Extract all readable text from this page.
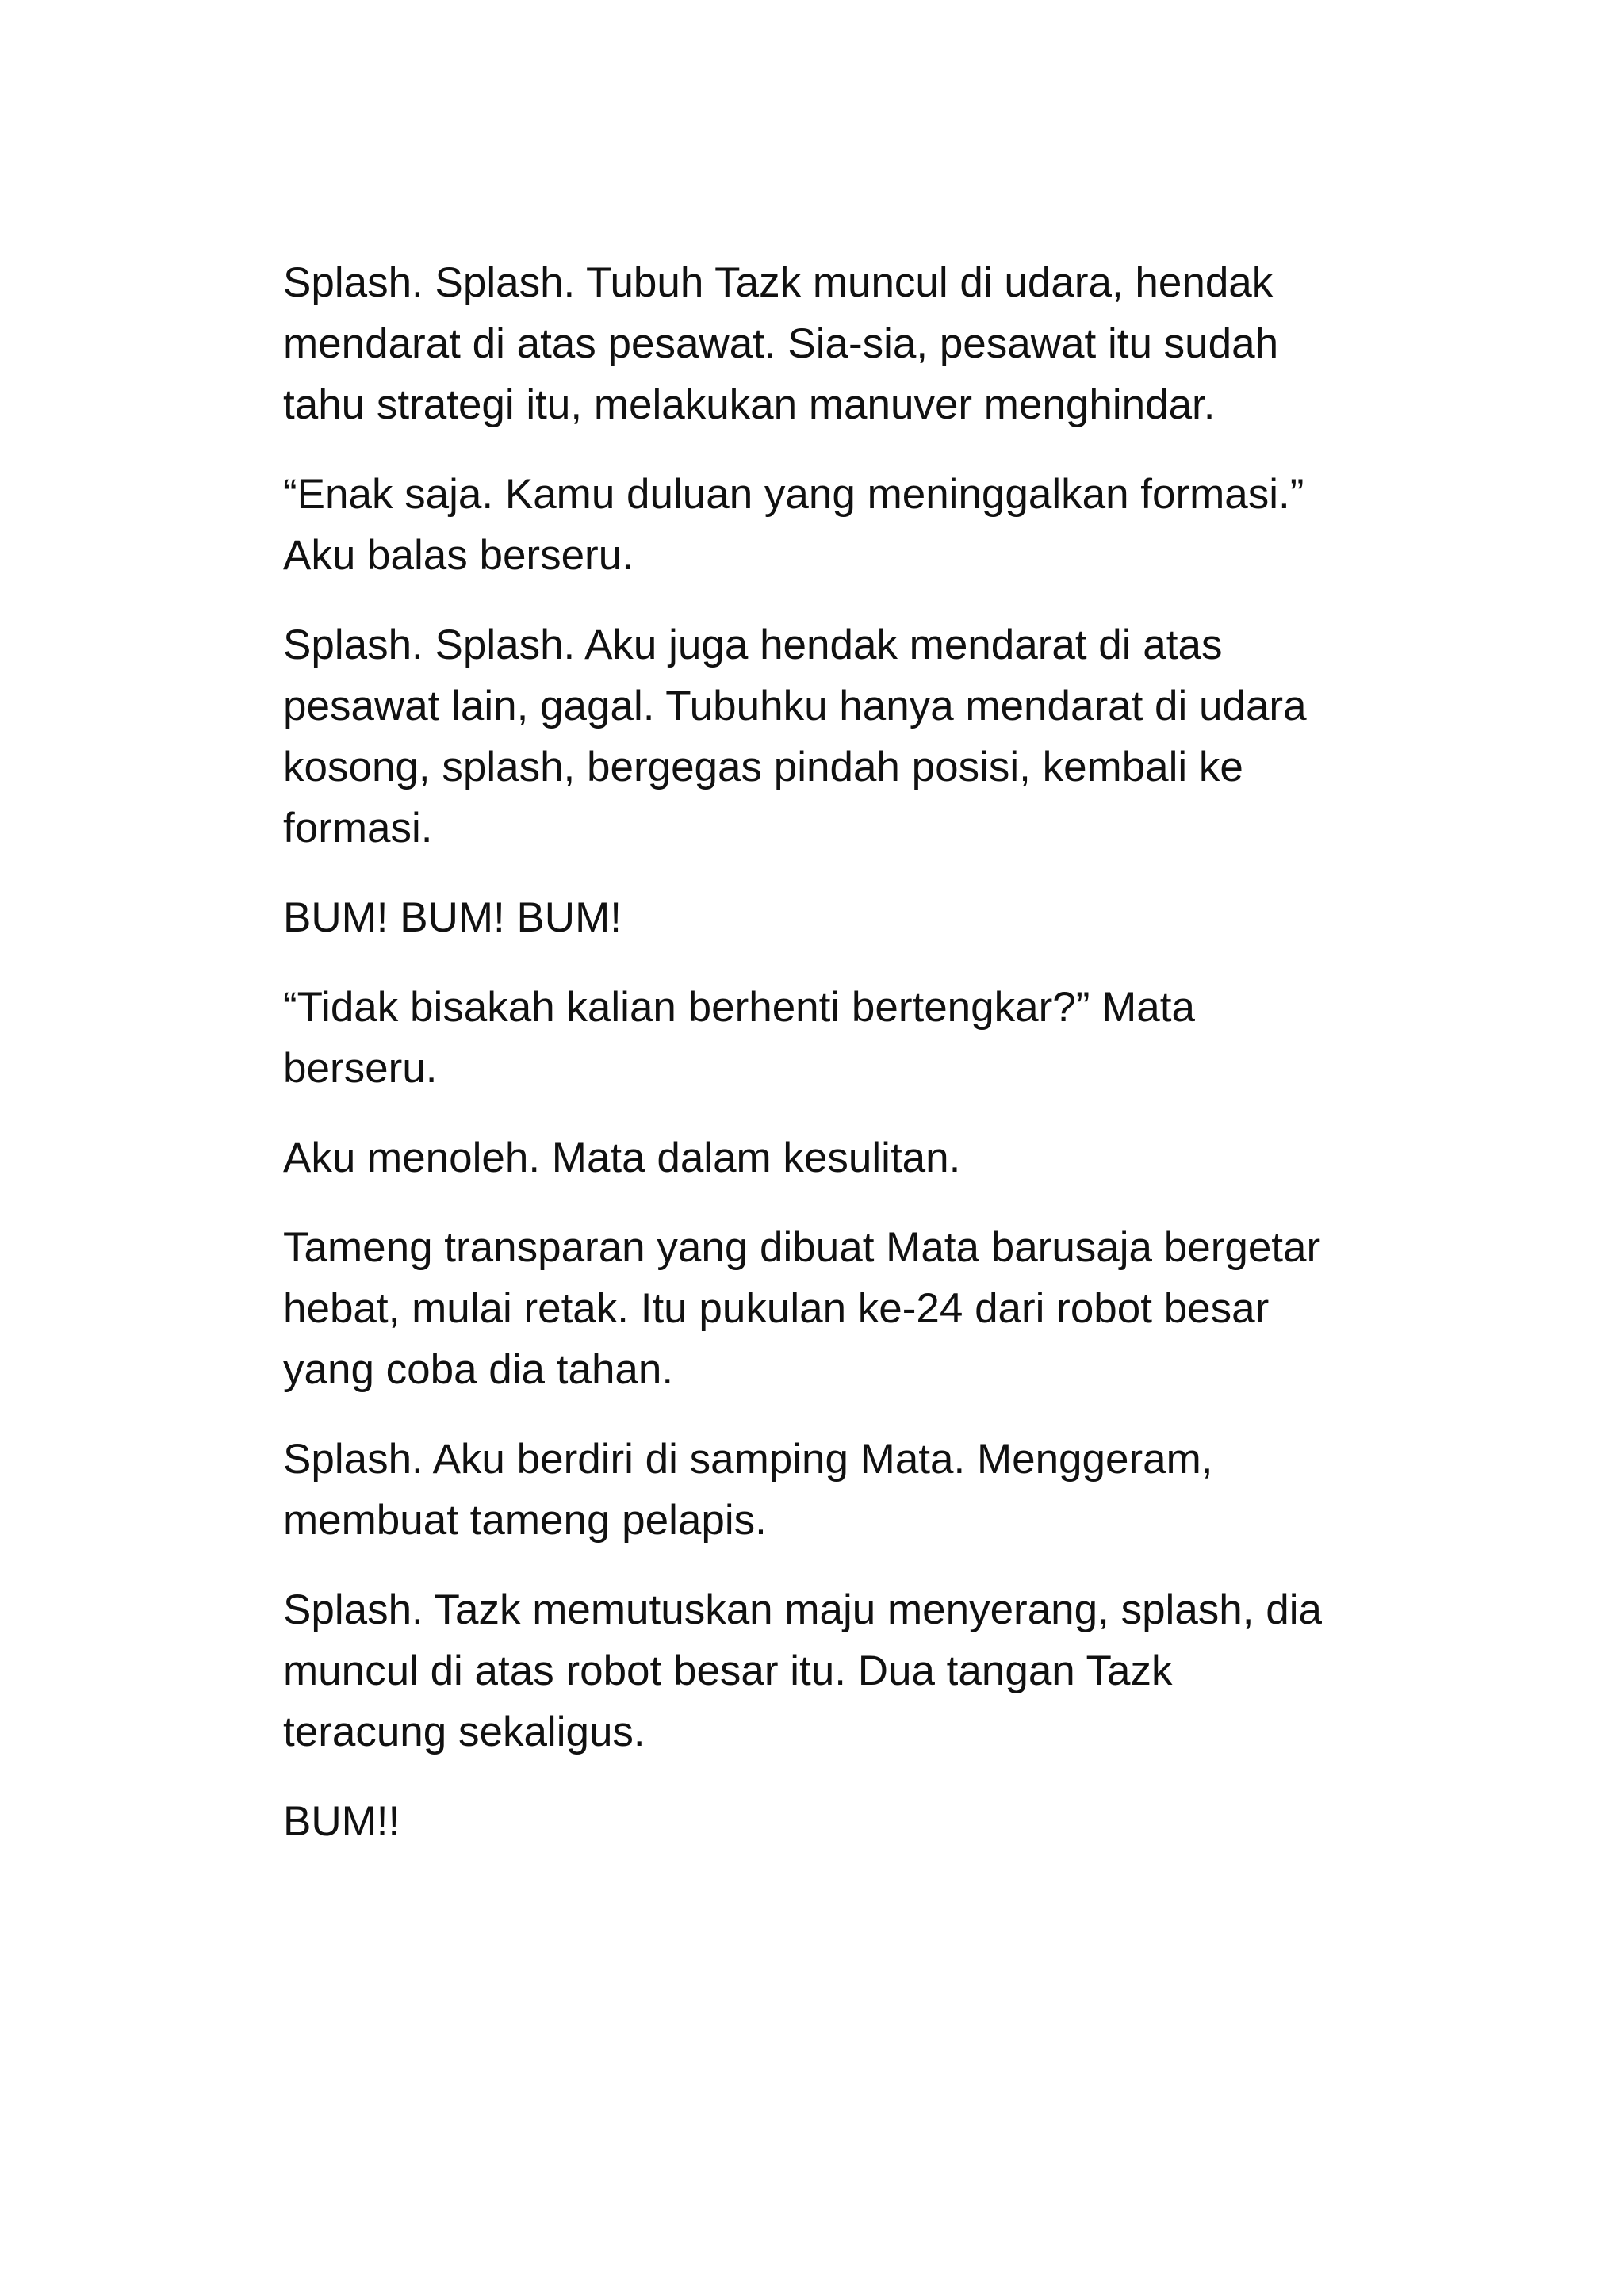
Splash. Splash. Tubuh Tazk muncul di udara, hendak
mendarat di atas pesawat. Sia-sia, pesawat itu sudah
tahu strategi itu, melakukan manuver menghindar.

“Enak saja. Kamu duluan yang meninggalkan formasi.”
Aku balas berseru.

Splash. Splash. Aku juga hendak mendarat di atas
pesawat lain, gagal. Tubuhku hanya mendarat di udara
kosong, splash, bergegas pindah posisi, kembali ke
formasi.

BUM! BUM! BUM!

“Tidak bisakah kalian berhenti bertengkar?” Mata
berseru.

Aku menoleh. Mata dalam kesulitan.

Tameng transparan yang dibuat Mata barusaja bergetar
hebat, mulai retak. Itu pukulan ke-24 dari robot besar
yang coba dia tahan.

Splash. Aku berdiri di samping Mata. Menggeram,
membuat tameng pelapis.

Splash. Tazk memutuskan maju menyerang, splash, dia
muncul di atas robot besar itu. Dua tangan Tazk
teracung sekaligus.

BUM!!
